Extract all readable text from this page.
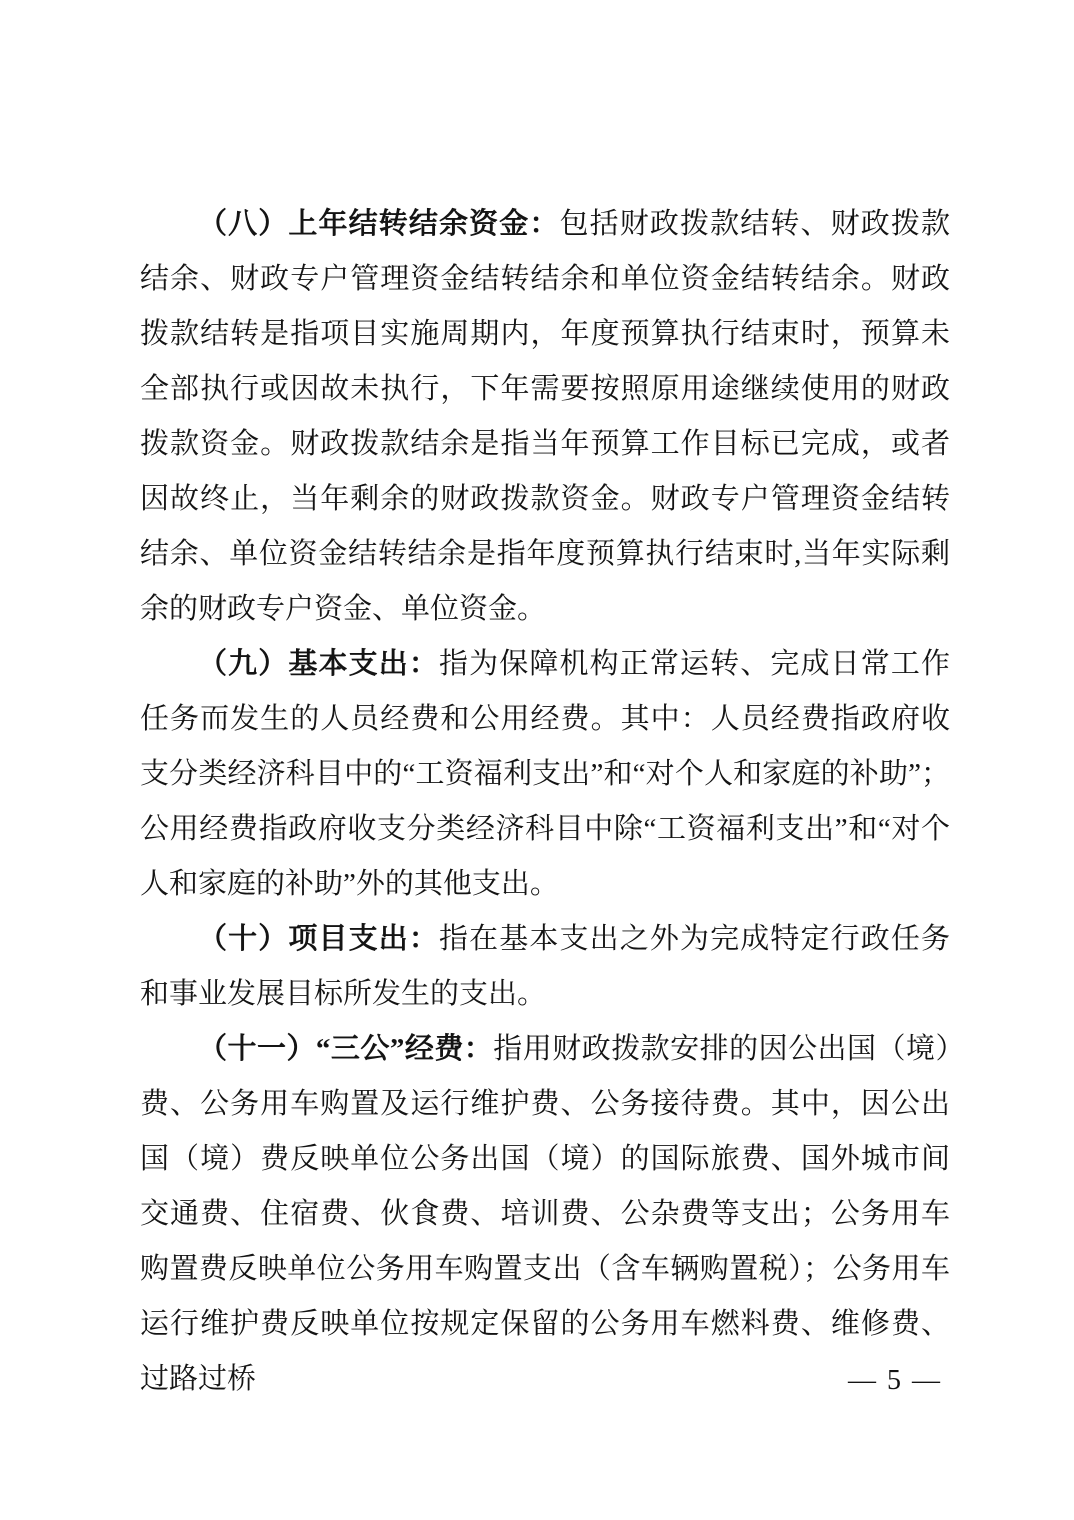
（八）上年结转结余资金：包括财政拨款结转、财政拨款结余、财政专户管理资金结转结余和单位资金结转结余。财政拨款结转是指项目实施周期内，年度预算执行结束时，预算未全部执行或因故未执行，下年需要按照原用途继续使用的财政拨款资金。财政拨款结余是指当年预算工作目标已完成，或者因故终止，当年剩余的财政拨款资金。财政专户管理资金结转结余、单位资金结转结余是指年度预算执行结束时,当年实际剩余的财政专户资金、单位资金。

（九）基本支出：指为保障机构正常运转、完成日常工作任务而发生的人员经费和公用经费。其中：人员经费指政府收支分类经济科目中的“工资福利支出”和“对个人和家庭的补助”；公用经费指政府收支分类经济科目中除“工资福利支出”和“对个人和家庭的补助”外的其他支出。

（十）项目支出：指在基本支出之外为完成特定行政任务和事业发展目标所发生的支出。

（十一）“三公”经费：指用财政拨款安排的因公出国（境）费、公务用车购置及运行维护费、公务接待费。其中，因公出国（境）费反映单位公务出国（境）的国际旅费、国外城市间交通费、住宿费、伙食费、培训费、公杂费等支出；公务用车购置费反映单位公务用车购置支出（含车辆购置税）；公务用车运行维护费反映单位按规定保留的公务用车燃料费、维修费、过路过桥	— 5 —
